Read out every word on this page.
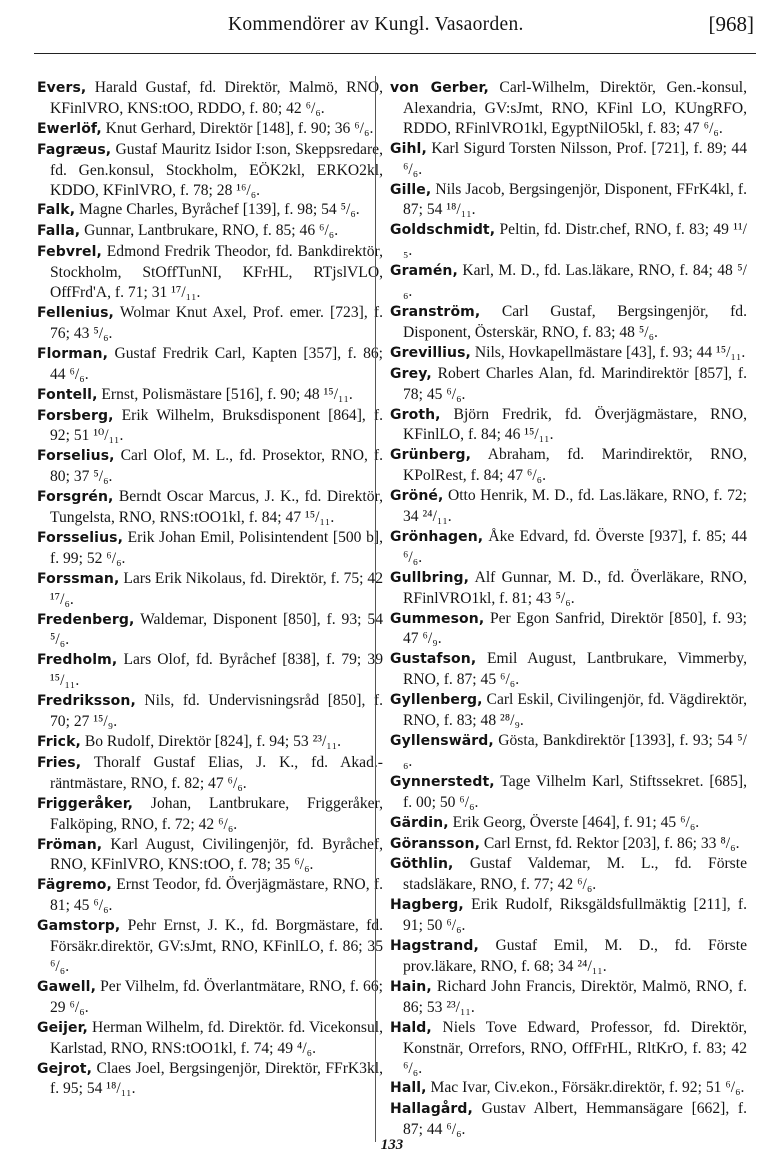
Kommendörer av Kungl. Vasaorden.	[968]

Evers, Harald Gustaf, fd. Direktör, Malmö, RNO, KFinlVRO, KNS:tOO, RDDO, f. 80; 42 ⁶/₆.

Ewerlöf, Knut Gerhard, Direktör [148], f. 90; 36 ⁶/₆.

Fagræus, Gustaf Mauritz Isidor I:son, Skeppsredare, fd. Gen.konsul, Stockholm, EÖK2kl, ERKO2kl, KDDO, KFinlVRO, f. 78; 28 ¹⁶/₆.

Falk, Magne Charles, Byråchef [139], f. 98; 54 ⁵/₆.

Falla, Gunnar, Lantbrukare, RNO, f. 85; 46 ⁶/₆.

Febvrel, Edmond Fredrik Theodor, fd. Bankdirektör, Stockholm, StOffTunNI, KFrHL, RTjslVLO, OffFrd'A, f. 71; 31 ¹⁷/₁₁.

Fellenius, Wolmar Knut Axel, Prof. emer. [723], f. 76; 43 ⁵/₆.

Florman, Gustaf Fredrik Carl, Kapten [357], f. 86; 44 ⁶/₆.

Fontell, Ernst, Polismästare [516], f. 90; 48 ¹⁵/₁₁.

Forsberg, Erik Wilhelm, Bruksdisponent [864], f. 92; 51 ¹⁰/₁₁.

Forselius, Carl Olof, M. L., fd. Prosektor, RNO, f. 80; 37 ⁵/₆.

Forsgrén, Berndt Oscar Marcus, J. K., fd. Direktör, Tungelsta, RNO, RNS:tOO1kl, f. 84; 47 ¹⁵/₁₁.

Forsselius, Erik Johan Emil, Polisintendent [500 b], f. 99; 52 ⁶/₆.

Forssman, Lars Erik Nikolaus, fd. Direktör, f. 75; 42 ¹⁷/₆.

Fredenberg, Waldemar, Disponent [850], f. 93; 54 ⁵/₆.

Fredholm, Lars Olof, fd. Byråchef [838], f. 79; 39 ¹⁵/₁₁.

Fredriksson, Nils, fd. Undervisningsråd [850], f. 70; 27 ¹⁵/₉.

Frick, Bo Rudolf, Direktör [824], f. 94; 53 ²³/₁₁.

Fries, Thoralf Gustaf Elias, J. K., fd. Akad.-räntmästare, RNO, f. 82; 47 ⁶/₆.

Friggeråker, Johan, Lantbrukare, Friggeråker, Falköping, RNO, f. 72; 42 ⁶/₆.

Fröman, Karl August, Civilingenjör, fd. Byråchef, RNO, KFinlVRO, KNS:tOO, f. 78; 35 ⁶/₆.

Fägremo, Ernst Teodor, fd. Överjägmästare, RNO, f. 81; 45 ⁶/₆.

Gamstorp, Pehr Ernst, J. K., fd. Borgmästare, fd. Försäkr.direktör, GV:sJmt, RNO, KFinlLO, f. 86; 35 ⁶/₆.

Gawell, Per Vilhelm, fd. Överlantmätare, RNO, f. 66; 29 ⁶/₆.

Geijer, Herman Wilhelm, fd. Direktör. fd. Vicekonsul, Karlstad, RNO, RNS:tOO1kl, f. 74; 49 ⁴/₆.

Gejrot, Claes Joel, Bergsingenjör, Direktör, FFrK3kl, f. 95; 54 ¹⁸/₁₁.

von Gerber, Carl-Wilhelm, Direktör, Gen.-konsul, Alexandria, GV:sJmt, RNO, KFinl LO, KUngRFO, RDDO, RFinlVRO1kl, EgyptNilO5kl, f. 83; 47 ⁶/₆.

Gihl, Karl Sigurd Torsten Nilsson, Prof. [721], f. 89; 44 ⁶/₆.

Gille, Nils Jacob, Bergsingenjör, Disponent, FFrK4kl, f. 87; 54 ¹⁸/₁₁.

Goldschmidt, Peltin, fd. Distr.chef, RNO, f. 83; 49 ¹¹/₅.

Gramén, Karl, M. D., fd. Las.läkare, RNO, f. 84; 48 ⁵/₆.

Granström, Carl Gustaf, Bergsingenjör, fd. Disponent, Österskär, RNO, f. 83; 48 ⁵/₆.

Grevillius, Nils, Hovkapellmästare [43], f. 93; 44 ¹⁵/₁₁.

Grey, Robert Charles Alan, fd. Marindirektör [857], f. 78; 45 ⁶/₆.

Groth, Björn Fredrik, fd. Överjägmästare, RNO, KFinlLO, f. 84; 46 ¹⁵/₁₁.

Grünberg, Abraham, fd. Marindirektör, RNO, KPolRest, f. 84; 47 ⁶/₆.

Gröné, Otto Henrik, M. D., fd. Las.läkare, RNO, f. 72; 34 ²⁴/₁₁.

Grönhagen, Åke Edvard, fd. Överste [937], f. 85; 44 ⁶/₆.

Gullbring, Alf Gunnar, M. D., fd. Överläkare, RNO, RFinlVRO1kl, f. 81; 43 ⁵/₆.

Gummeson, Per Egon Sanfrid, Direktör [850], f. 93; 47 ⁶/₉.

Gustafson, Emil August, Lantbrukare, Vimmerby, RNO, f. 87; 45 ⁶/₆.

Gyllenberg, Carl Eskil, Civilingenjör, fd. Vägdirektör, RNO, f. 83; 48 ²⁸/₉.

Gyllenswärd, Gösta, Bankdirektör [1393], f. 93; 54 ⁵/₆.

Gynnerstedt, Tage Vilhelm Karl, Stiftssekret. [685], f. 00; 50 ⁶/₆.

Gärdin, Erik Georg, Överste [464], f. 91; 45 ⁶/₆.

Göransson, Carl Ernst, fd. Rektor [203], f. 86; 33 ⁸/₆.

Göthlin, Gustaf Valdemar, M. L., fd. Förste stadsläkare, RNO, f. 77; 42 ⁶/₆.

Hagberg, Erik Rudolf, Riksgäldsfullmäktig [211], f. 91; 50 ⁶/₆.

Hagstrand, Gustaf Emil, M. D., fd. Förste prov.läkare, RNO, f. 68; 34 ²⁴/₁₁.

Hain, Richard John Francis, Direktör, Malmö, RNO, f. 86; 53 ²³/₁₁.

Hald, Niels Tove Edward, Professor, fd. Direktör, Konstnär, Orrefors, RNO, OffFrHL, RltKrO, f. 83; 42 ⁶/₆.

Hall, Mac Ivar, Civ.ekon., Försäkr.direktör, f. 92; 51 ⁶/₆.

Hallagård, Gustav Albert, Hemmansägare [662], f. 87; 44 ⁶/₆.

133
